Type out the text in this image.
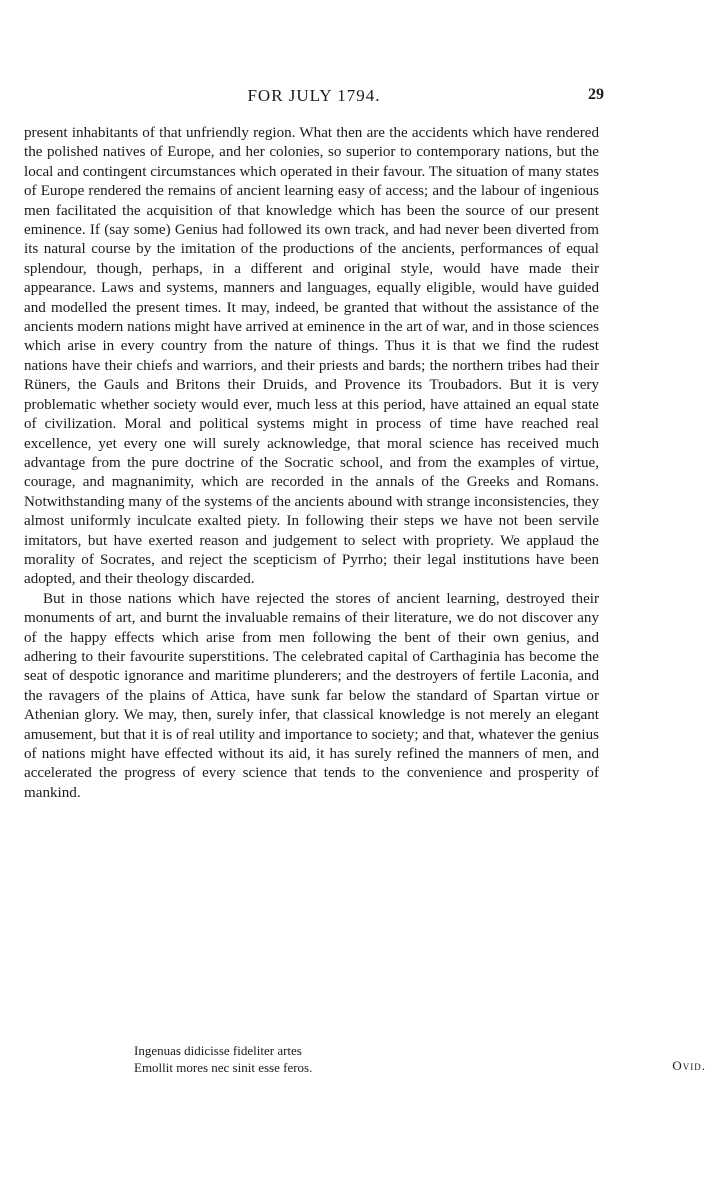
FOR JULY 1794.	29

present inhabitants of that unfriendly region. What then are the accidents which have rendered the polished natives of Europe, and her colonies, so superior to contemporary nations, but the local and contingent circumstances which operated in their favour. The situation of many states of Europe rendered the remains of ancient learning easy of access; and the labour of ingenious men facilitated the acquisition of that knowledge which has been the source of our present eminence. If (say some) Genius had followed its own track, and had never been diverted from its natural course by the imitation of the productions of the ancients, performances of equal splendour, though, perhaps, in a different and original style, would have made their appearance. Laws and systems, manners and languages, equally eligible, would have guided and modelled the present times. It may, indeed, be granted that without the assistance of the ancients modern nations might have arrived at eminence in the art of war, and in those sciences which arise in every country from the nature of things. Thus it is that we find the rudest nations have their chiefs and warriors, and their priests and bards; the northern tribes had their Rüners, the Gauls and Britons their Druids, and Provence its Troubadors. But it is very problematic whether society would ever, much less at this period, have attained an equal state of civilization. Moral and political systems might in process of time have reached real excellence, yet every one will surely acknowledge, that moral science has received much advantage from the pure doctrine of the Socratic school, and from the examples of virtue, courage, and magnanimity, which are recorded in the annals of the Greeks and Romans. Notwithstanding many of the systems of the ancients abound with strange inconsistencies, they almost uniformly inculcate exalted piety. In following their steps we have not been servile imitators, but have exerted reason and judgement to select with propriety. We applaud the morality of Socrates, and reject the scepticism of Pyrrho; their legal institutions have been adopted, and their theology discarded.

But in those nations which have rejected the stores of ancient learning, destroyed their monuments of art, and burnt the invaluable remains of their literature, we do not discover any of the happy effects which arise from men following the bent of their own genius, and adhering to their favourite superstitions. The celebrated capital of Carthaginia has become the seat of despotic ignorance and maritime plunderers; and the destroyers of fertile Laconia, and the ravagers of the plains of Attica, have sunk far below the standard of Spartan virtue or Athenian glory. We may, then, surely infer, that classical knowledge is not merely an elegant amusement, but that it is of real utility and importance to society; and that, whatever the genius of nations might have effected without its aid, it has surely refined the manners of men, and accelerated the progress of every science that tends to the convenience and prosperity of mankind.

Ingenuas didicisse fideliter artes
Emollit mores nec sinit esse feros.	Ovid.
